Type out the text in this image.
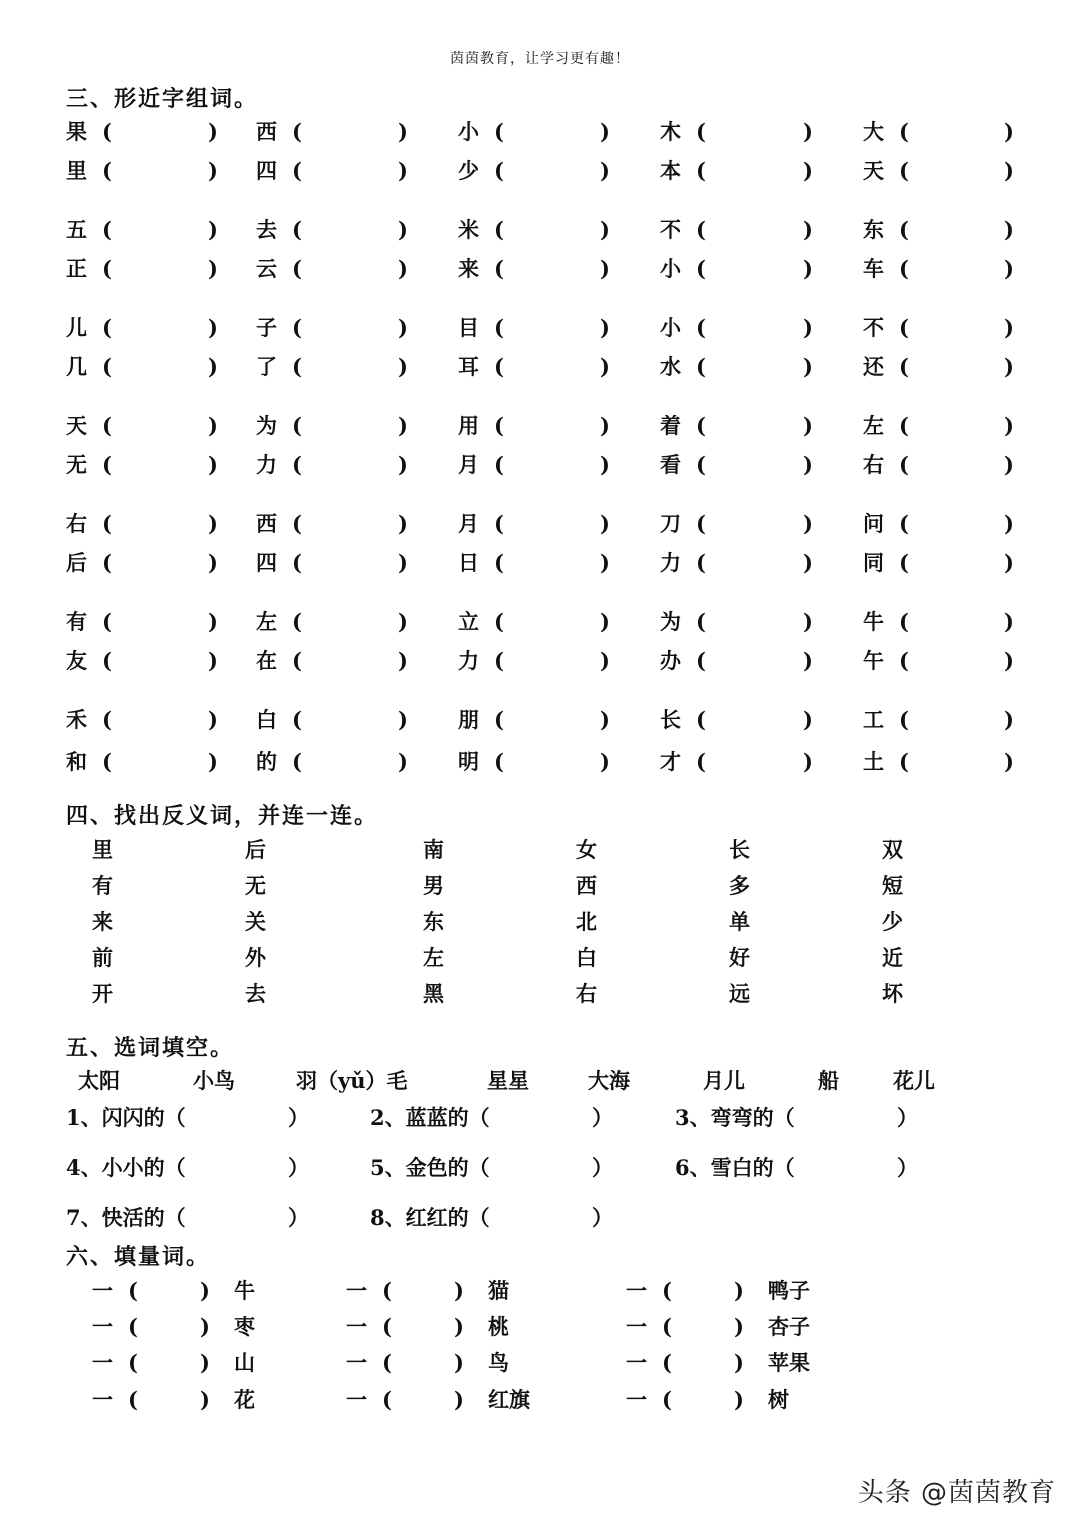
茵茵教育，让学习更有趣！
三、形近字组词。
果 (	) 西 (	) 小 (	) 木 (	) 大 (	)
里 (	) 四 (	) 少 (	) 本 (	) 天 (	)
五 (	) 去 (	) 米 (	) 不 (	) 东 (	)
正 (	) 云 (	) 来 (	) 小 (	) 车 (	)
儿 (	) 子 (	) 目 (	) 小 (	) 不 (	)
几 (	) 了 (	) 耳 (	) 水 (	) 还 (	)
天 (	) 为 (	) 用 (	) 着 (	) 左 (	)
无 (	) 力 (	) 月 (	) 看 (	) 右 (	)
右 (	) 西 (	) 月 (	) 刀 (	) 问 (	)
后 (	) 四 (	) 日 (	) 力 (	) 同 (	)
有 (	) 左 (	) 立 (	) 为 (	) 牛 (	)
友 (	) 在 (	) 力 (	) 办 (	) 午 (	)
禾 (	) 白 (	) 朋 (	) 长 (	) 工 (	)
和 (	) 的 (	) 明 (	) 才 (	) 土 (	)
四、找出反义词，并连一连。
里	后	南	女	长	双
有	无	男	西	多	短
来	关	东	北	单	少
前	外	左	白	好	近
开	去	黑	右	远	坏
五、选词填空。
太阳	小鸟	羽（yǔ）毛	星星	大海	月儿	船	花儿
1、闪闪的（	）	2、蓝蓝的（	）	3、弯弯的（	）
4、小小的（	）	5、金色的（	）	6、雪白的（	）
7、快活的（	）	8、红红的（	）
六、填量词。
一 (	) 牛	一 (	) 猫	一 (	) 鸭子
一 (	) 枣	一 (	) 桃	一 (	) 杏子
一 (	) 山	一 (	) 鸟	一 (	) 苹果
一 (	) 花	一 (	) 红旗	一 (	) 树
头条 @茵茵教育
